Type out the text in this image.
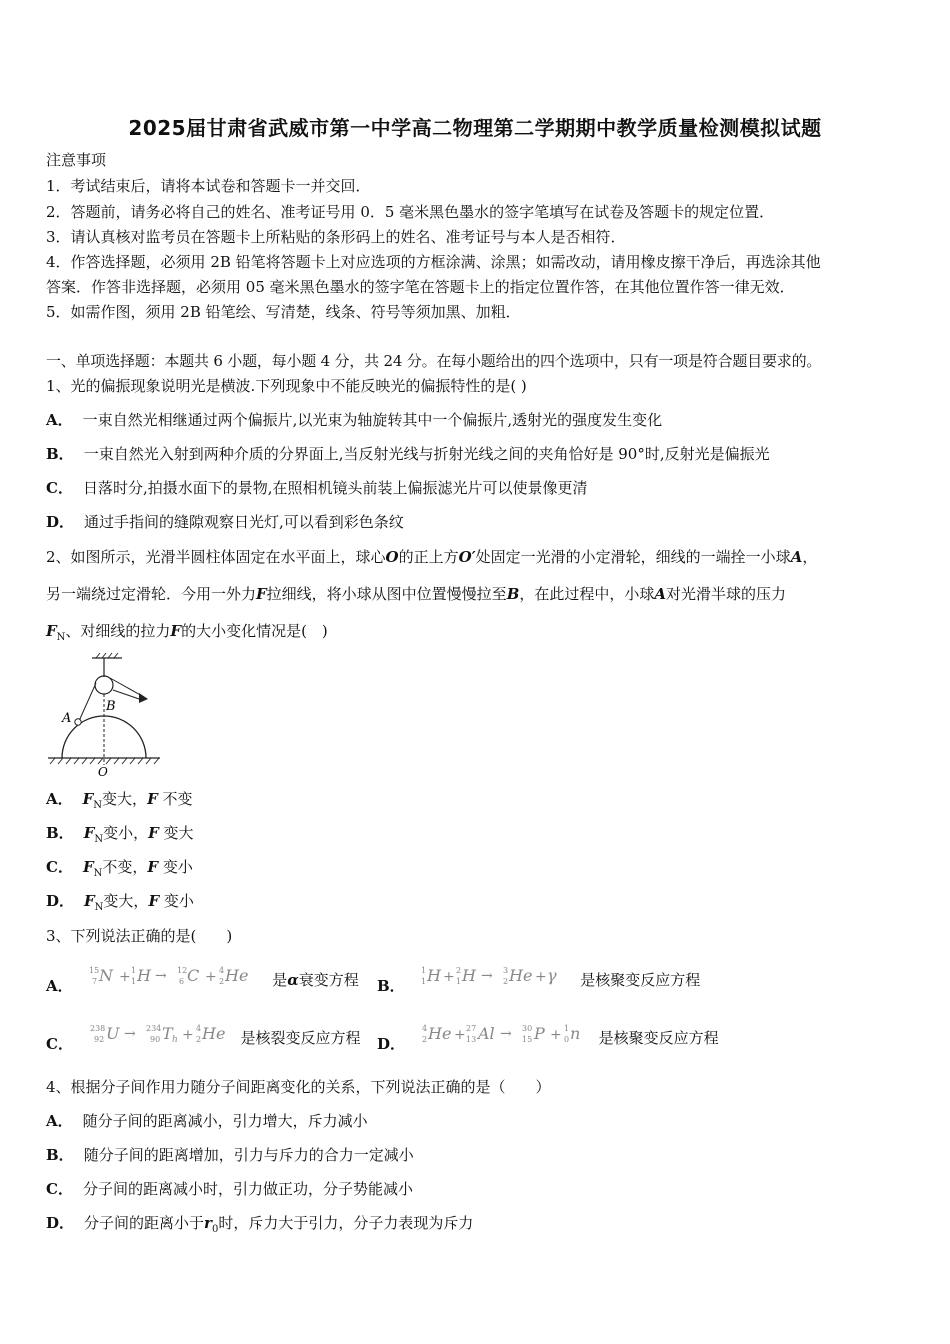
2025届甘肃省武威市第一中学高二物理第二学期期中教学质量检测模拟试题
注意事项
1．考试结束后，请将本试卷和答题卡一并交回．
2．答题前，请务必将自己的姓名、准考证号用 0．5 毫米黑色墨水的签字笔填写在试卷及答题卡的规定位置．
3．请认真核对监考员在答题卡上所粘贴的条形码上的姓名、准考证号与本人是否相符．
4．作答选择题，必须用 2B 铅笔将答题卡上对应选项的方框涂满、涂黑；如需改动，请用橡皮擦干净后，再选涂其他
答案．作答非选择题，必须用 05 毫米黑色墨水的签字笔在答题卡上的指定位置作答，在其他位置作答一律无效．
5．如需作图，须用 2B 铅笔绘、写清楚，线条、符号等须加黑、加粗．
一、单项选择题：本题共 6 小题，每小题 4 分，共 24 分。在每小题给出的四个选项中，只有一项是符合题目要求的。
1、光的偏振现象说明光是横波.下列现象中不能反映光的偏振特性的是( )
A． 一束自然光相继通过两个偏振片,以光束为轴旋转其中一个偏振片,透射光的强度发生变化
B． 一束自然光入射到两种介质的分界面上,当反射光线与折射光线之间的夹角恰好是 90°时,反射光是偏振光
C． 日落时分,拍摄水面下的景物,在照相机镜头前装上偏振滤光片可以使景像更清
D． 通过手指间的缝隙观察日光灯,可以看到彩色条纹
2、如图所示，光滑半圆柱体固定在水平面上，球心O的正上方O′处固定一光滑的小定滑轮，细线的一端拴一小球A，
另一端绕过定滑轮．今用一外力F拉细线，将小球从图中位置慢慢拉至B，在此过程中，小球A对光滑半球的压力
$F_N$、对细线的拉力F的大小变化情况是(　)
A
B
O
A． $F_N$变大，F 不变
B． $F_N$变小，F 变大
C． $F_N$不变，F 变小
D． $F_N$变大，F 变小
3、下列说法正确的是(　　)
A．
15
7 N + 1
1 H → 12
6 C + 4
2 He 是α衰变方程 B．
1
1 H + 2
1 H → 3
2 He + γ 是核聚变反应方程
C．
238
92 U → 234
90 T h + 4
2 He 是核裂变反应方程 D．
4
2 He + 27
13 Al → 30
15 P + 1
0 n 是核聚变反应方程
4、根据分子间作用力随分子间距离变化的关系，下列说法正确的是（　　）
A． 随分子间的距离减小，引力增大，斥力减小
B． 随分子间的距离增加，引力与斥力的合力一定减小
C． 分子间的距离减小时，引力做正功，分子势能减小
D． 分子间的距离小于$r_0$时，斥力大于引力，分子力表现为斥力
